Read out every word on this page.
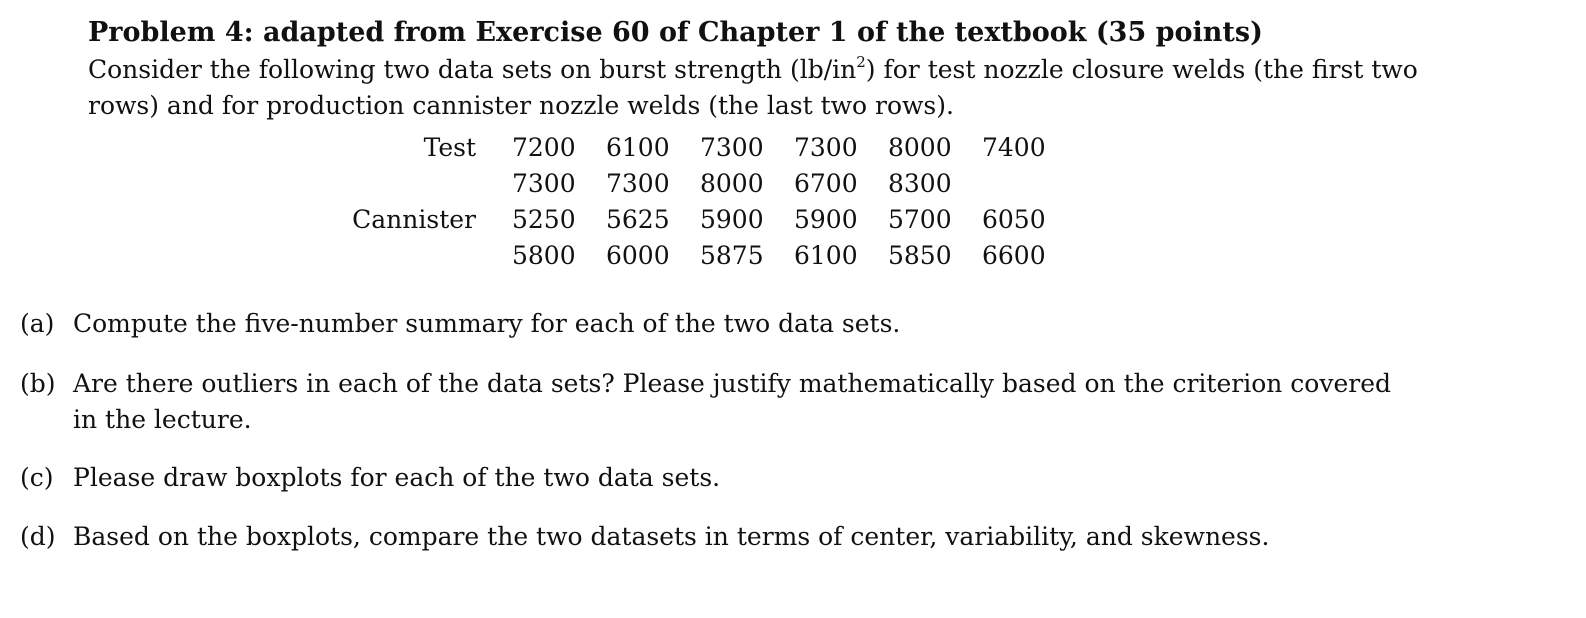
Problem 4: adapted from Exercise 60 of Chapter 1 of the textbook (35 points)

Consider the following two data sets on burst strength $(lb/in^2)$ for test nozzle closure welds (the first two rows) and for production cannister nozzle welds (the last two rows).

Test	7200	6100	7300	7300	8000	7400
	7300	7300	8000	6700	8300	
Cannister	5250	5625	5900	5900	5700	6050
	5800	6000	5875	6100	5850	6600
(a) Compute the five-number summary for each of the two data sets.
(b) Are there outliers in each of the data sets? Please justify mathematically based on the criterion covered in the lecture.
(c) Please draw boxplots for each of the two data sets.
(d) Based on the boxplots, compare the two datasets in terms of center, variability, and skewness.
